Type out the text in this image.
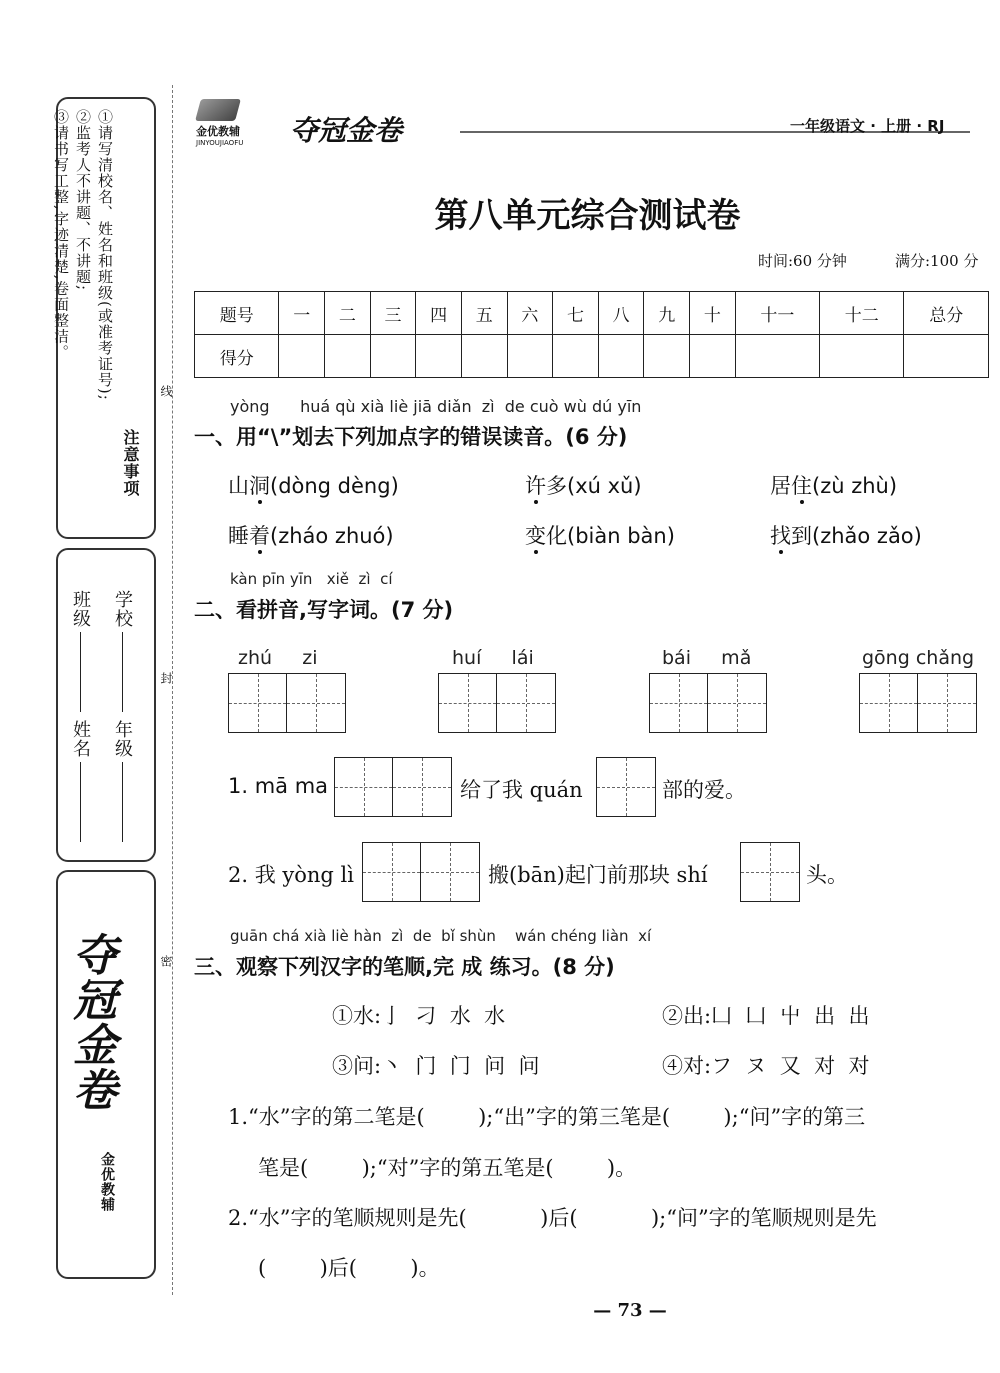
注意事项
①请写清校名、姓名和班级(或准考证号);
②监考人不讲题、不讲题;
③请书写工整,字迹清楚,卷面整洁。
学校
年级
班级
姓名
夺冠金卷
金优教辅
线
封
密
金优教辅
JINYOUJIAOFU 夺冠金卷	一年级语文 · 上册 · RJ
第八单元综合测试卷
时间:60 分钟	满分:100 分
题号	一	二	三	四	五	六	七	八	九	十	十一	十二	总分
得分													
yòng      huá qù xià liè jiā diǎn  zì  de cuò wù dú yīn
一、用“\”划去下列加点字的错误读音。(6 分)
山洞(dòng dèng)	许多(xú xǔ)	居住(zù zhù)
睡着(zháo zhuó)	变化(biàn bàn)	找到(zhǎo zǎo)
kàn pīn yīn   xiě  zì  cí
二、看拼音,写字词。(7 分)
zhú     zi	huí     lái	bái     mǎ	gōng chǎng
1. mā ma	给了我 quán	部的爱。
2. 我 yòng lì	搬(bān)起门前那块 shí	头。
guān chá xià liè hàn  zì  de  bǐ shùn    wán chéng liàn  xí
三、观察下列汉字的笔顺,完 成 练习。(8 分)
①水:亅  刁  水  水	②出:凵  凵  屮  出  出
③问:丶  门  门  问  问	④对:フ  ヌ  又  对  对
1.“水”字的第二笔是(        );“出”字的第三笔是(        );“问”字的第三
笔是(        );“对”字的第五笔是(        )。
2.“水”字的笔顺规则是先(           )后(           );“问”字的笔顺规则是先
(        )后(        )。
— 73 —
